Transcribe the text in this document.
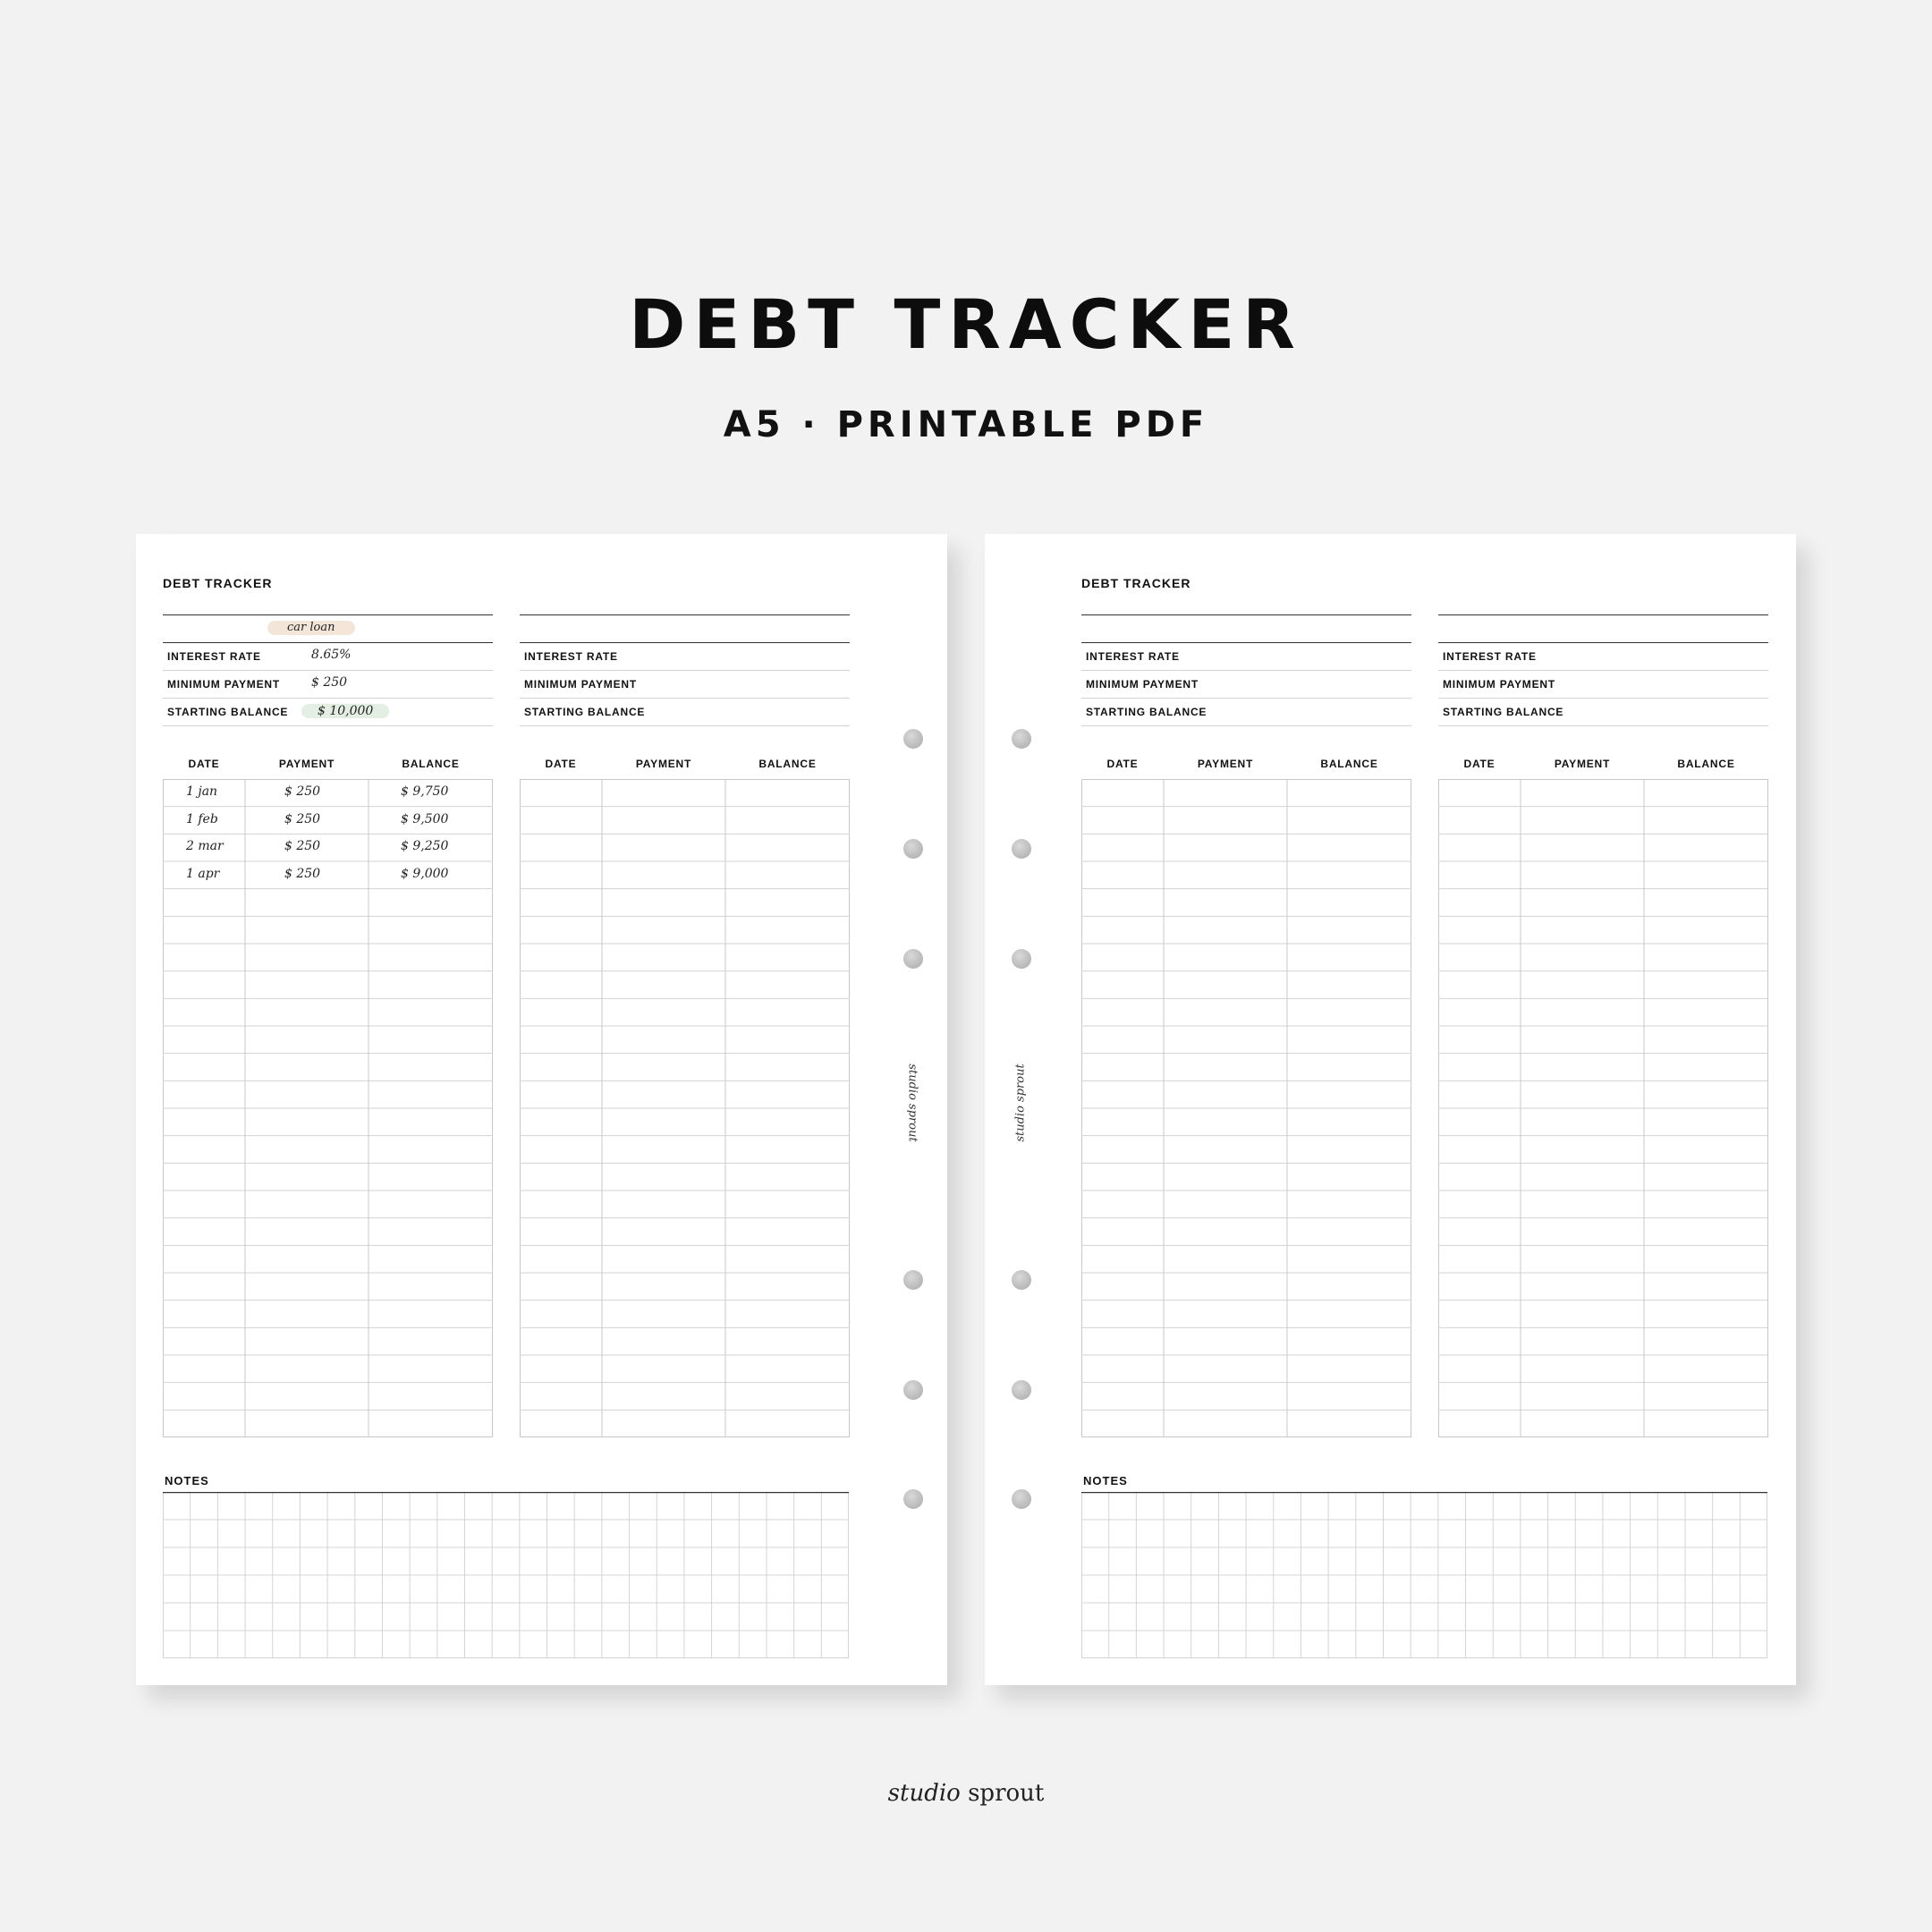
DEBT TRACKER
A5 · PRINTABLE PDF
DEBT TRACKER
car loan
INTEREST RATE	8.65%
MINIMUM PAYMENT	$ 250
STARTING BALANCE	$ 10,000
DATE	PAYMENT	BALANCE
1 jan	$ 250	$ 9,750
1 feb	$ 250	$ 9,500
2 mar	$ 250	$ 9,250
1 apr	$ 250	$ 9,000
INTEREST RATE
MINIMUM PAYMENT
STARTING BALANCE
DATE	PAYMENT	BALANCE
NOTES
studio sprout
DEBT TRACKER
INTEREST RATE
MINIMUM PAYMENT
STARTING BALANCE
DATE	PAYMENT	BALANCE
INTEREST RATE
MINIMUM PAYMENT
STARTING BALANCE
DATE	PAYMENT	BALANCE
NOTES
studio sprout
studio sprout
